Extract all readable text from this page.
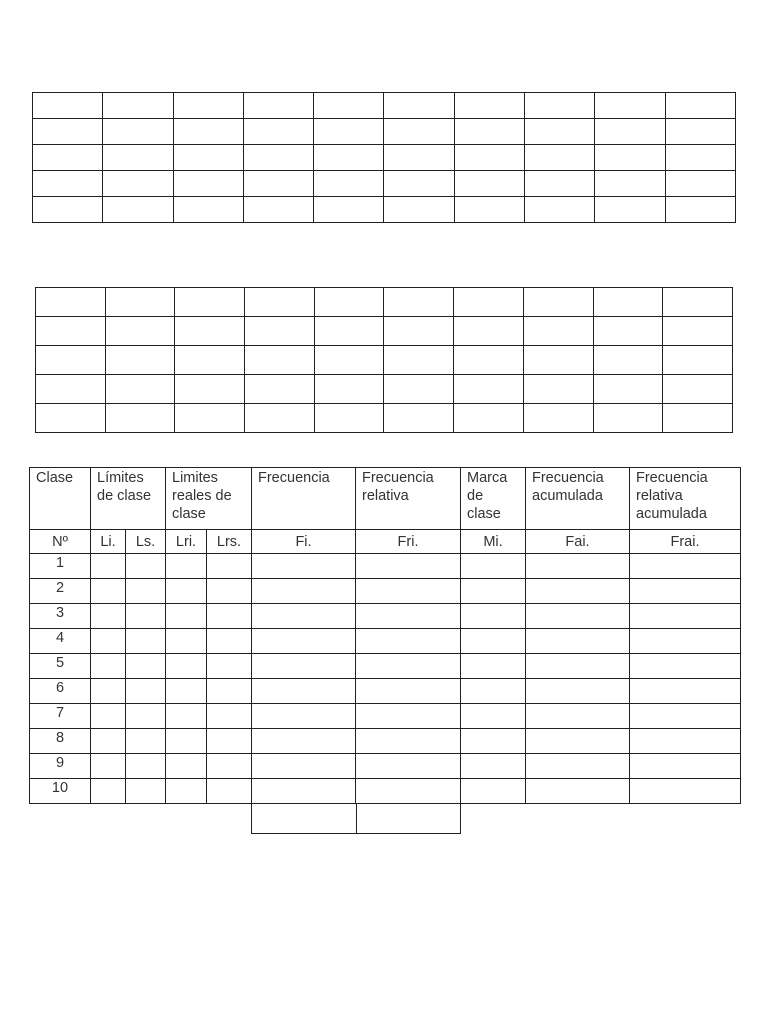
Clase	Límites de clase		Limites reales de clase		Frecuencia	Frecuencia relativa	Marca de clase	Frecuencia acumulada	Frecuencia relativa acumulada
Nº	Li.	Ls.	Lri.	Lrs.	Fi.	Fri.	Mi.	Fai.	Frai.
1									
2									
3									
4									
5									
6									
7									
8									
9									
10									
